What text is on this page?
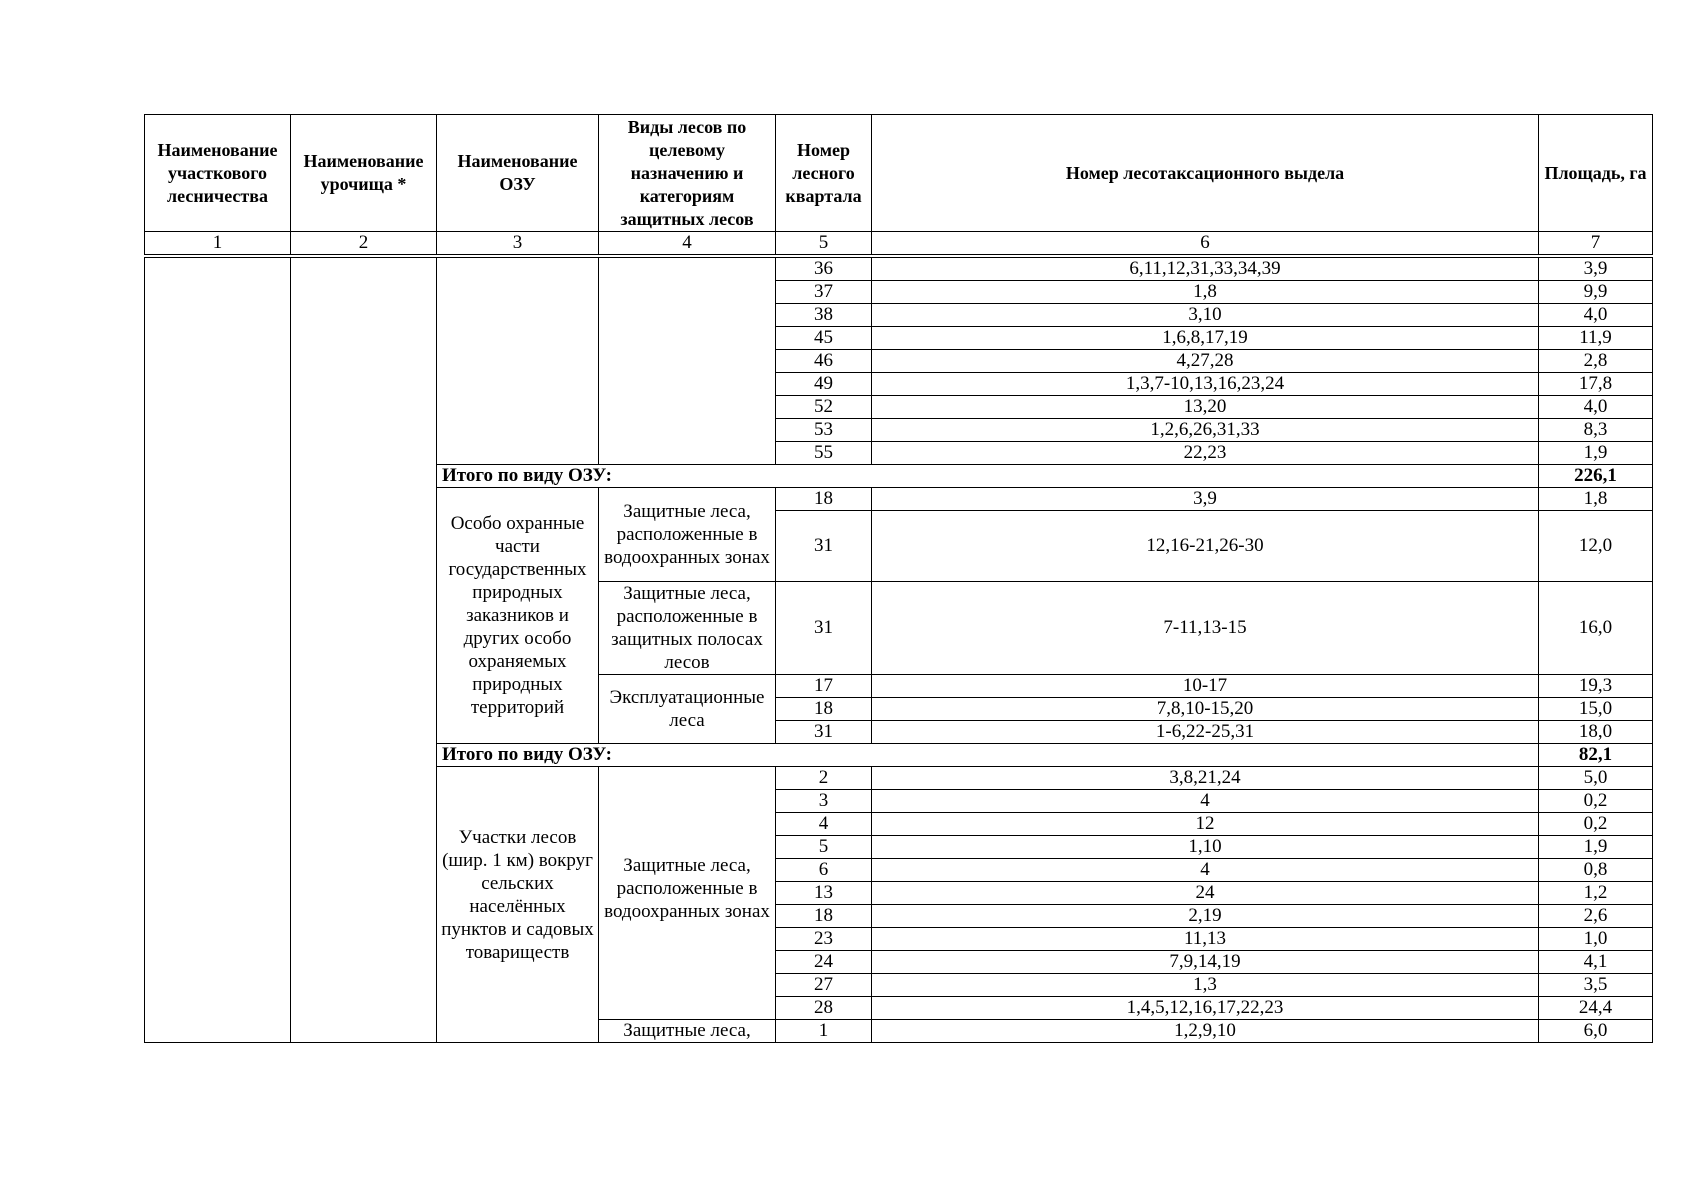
Наименование участкового лесничества	Наименование урочища *	Наименование ОЗУ	Виды лесов по целевому назначению и категориям защитных лесов	Номер лесного квартала	Номер лесотаксационного выдела	Площадь, га
1	2	3	4	5	6	7
				36	6,11,12,31,33,34,39	3,9
				37	1,8	9,9
				38	3,10	4,0
				45	1,6,8,17,19	11,9
				46	4,27,28	2,8
				49	1,3,7-10,13,16,23,24	17,8
				52	13,20	4,0
				53	1,2,6,26,31,33	8,3
				55	22,23	1,9
		Итого по виду ОЗУ:				226,1
		Особо охранные части государственных природных заказников и других особо охраняемых природных территорий	Защитные леса, расположенные в водоохранных зонах	18	3,9	1,8
				31	12,16-21,26-30	12,0
			Защитные леса, расположенные в защитных полосах лесов	31	7-11,13-15	16,0
			Эксплуатационные леса	17	10-17	19,3
				18	7,8,10-15,20	15,0
				31	1-6,22-25,31	18,0
		Итого по виду ОЗУ:				82,1

		Участки лесов (шир. 1 км) вокруг сельских населённых пунктов и садовых товариществ	Защитные леса, расположенные в водоохранных зонах	2	3,8,21,24	5,0
				3	4	0,2
				4	12	0,2
				5	1,10	1,9
				6	4	0,8
				13	24	1,2
				18	2,19	2,6
				23	11,13	1,0
				24	7,9,14,19	4,1
				27	1,3	3,5
				28	1,4,5,12,16,17,22,23	24,4
			Защитные леса,	1	1,2,9,10	6,0
